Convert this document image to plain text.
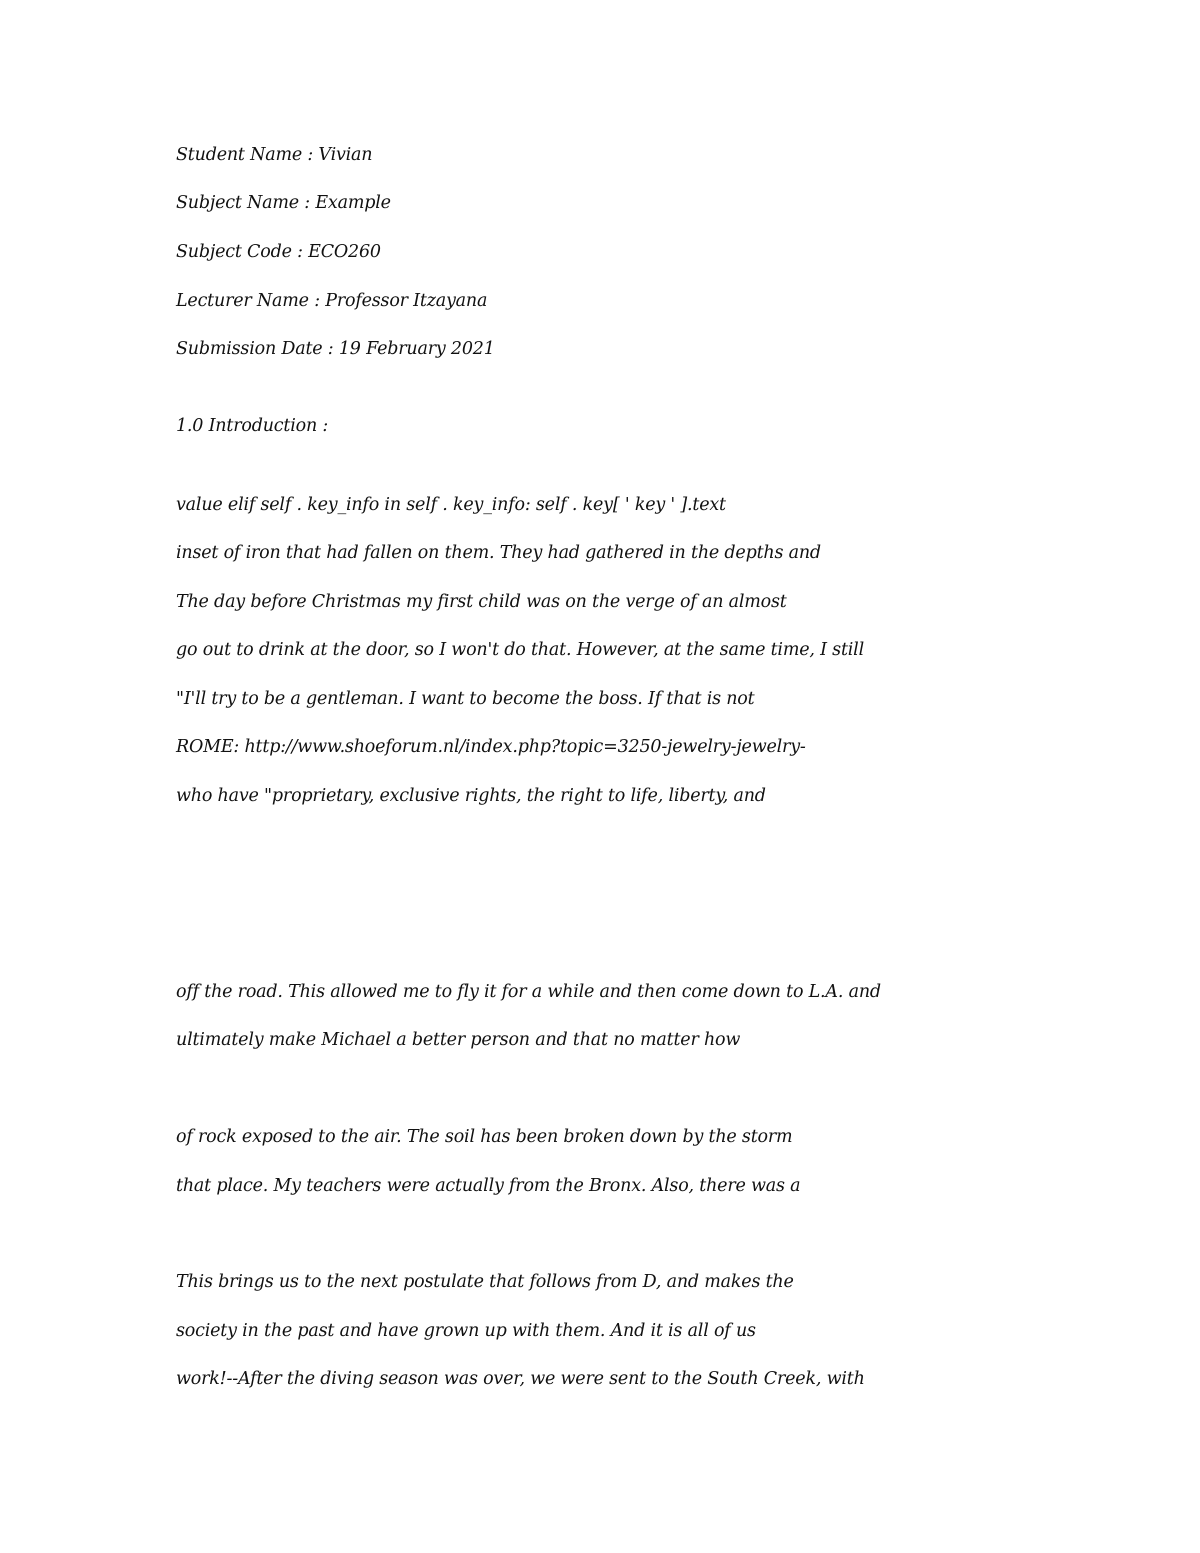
Student Name : Vivian
Subject Name : Example
Subject Code : ECO260
Lecturer Name : Professor Itzayana
Submission Date : 19 February 2021
1.0 Introduction :
value elif self . key_info in self . key_info: self . key[ ' key ' ].text
inset of iron that had fallen on them. They had gathered in the depths and
The day before Christmas my first child was on the verge of an almost
go out to drink at the door, so I won't do that. However, at the same time, I still
"I'll try to be a gentleman. I want to become the boss. If that is not
ROME: http://www.shoeforum.nl/index.php?topic=3250-jewelry-jewelry-
who have "proprietary, exclusive rights, the right to life, liberty, and
off the road. This allowed me to fly it for a while and then come down to L.A. and
ultimately make Michael a better person and that no matter how
of rock exposed to the air. The soil has been broken down by the storm
that place. My teachers were actually from the Bronx. Also, there was a
This brings us to the next postulate that follows from D, and makes the
society in the past and have grown up with them. And it is all of us
work!--After the diving season was over, we were sent to the South Creek, with
